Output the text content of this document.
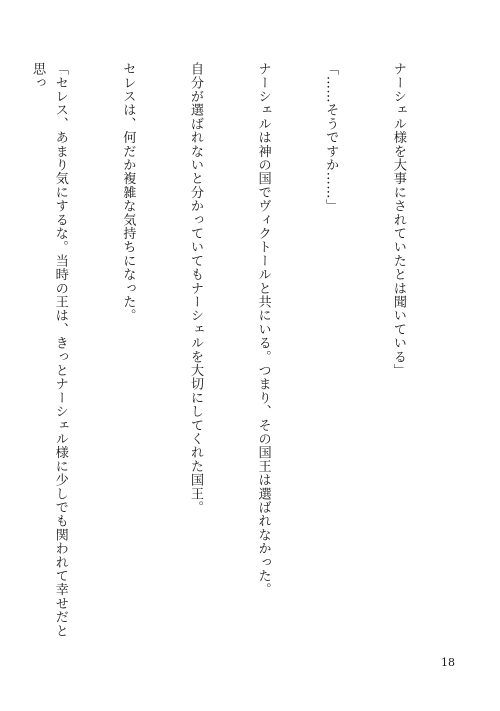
ナーシェル様を大事にされていたとは聞いている」

「……そうですか……」

ナーシェルは神の国でヴィクトールと共にいる。つまり、その国王は選ばれなかった。

自分が選ばれないと分かっていてもナーシェルを大切にしてくれた国王。

セレスは、何だか複雑な気持ちになった。

「セレス、あまり気にするな。当時の王は、きっとナーシェル様に少しでも関われて幸せだと思っ

18
